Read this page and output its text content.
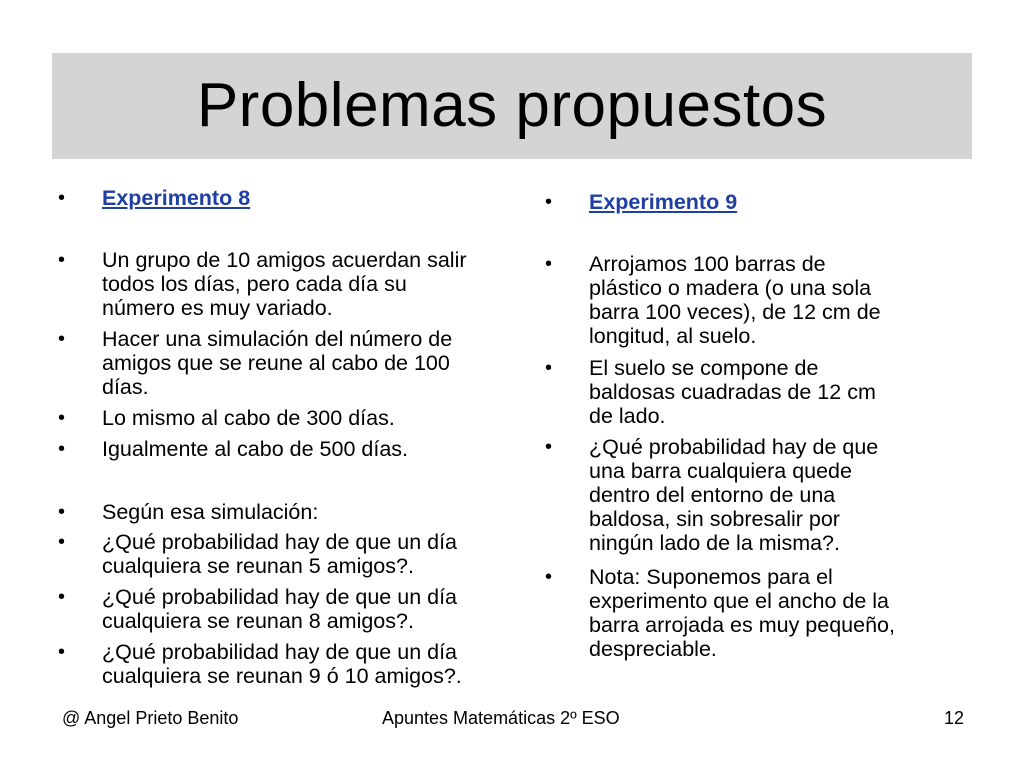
Problemas propuestos
•	Experimento 8
•	Un grupo de 10 amigos acuerdan salir
todos los días, pero cada día su
número es muy variado.
•	Hacer una simulación del número de
amigos que se reune al cabo de 100
días.
•	Lo mismo al cabo de 300 días.
•	Igualmente al cabo de 500 días.
•	Según esa simulación:
•	¿Qué probabilidad hay de que un día
cualquiera se reunan 5 amigos?.
•	¿Qué probabilidad hay de que un día
cualquiera se reunan 8 amigos?.
•	¿Qué probabilidad hay de que un día
cualquiera se reunan 9 ó 10 amigos?.
•	Experimento 9
•	Arrojamos 100 barras de
plástico o madera (o una sola
barra 100 veces), de 12 cm de
longitud, al suelo.
•	El suelo se compone de
baldosas cuadradas de 12 cm
de lado.
•	¿Qué probabilidad hay de que
una barra cualquiera quede
dentro del entorno de una
baldosa, sin sobresalir por
ningún lado de la misma?.
•	Nota: Suponemos para el
experimento que el ancho de la
barra arrojada es muy pequeño,
despreciable.
@ Angel Prieto Benito	Apuntes Matemáticas 2º ESO	12
